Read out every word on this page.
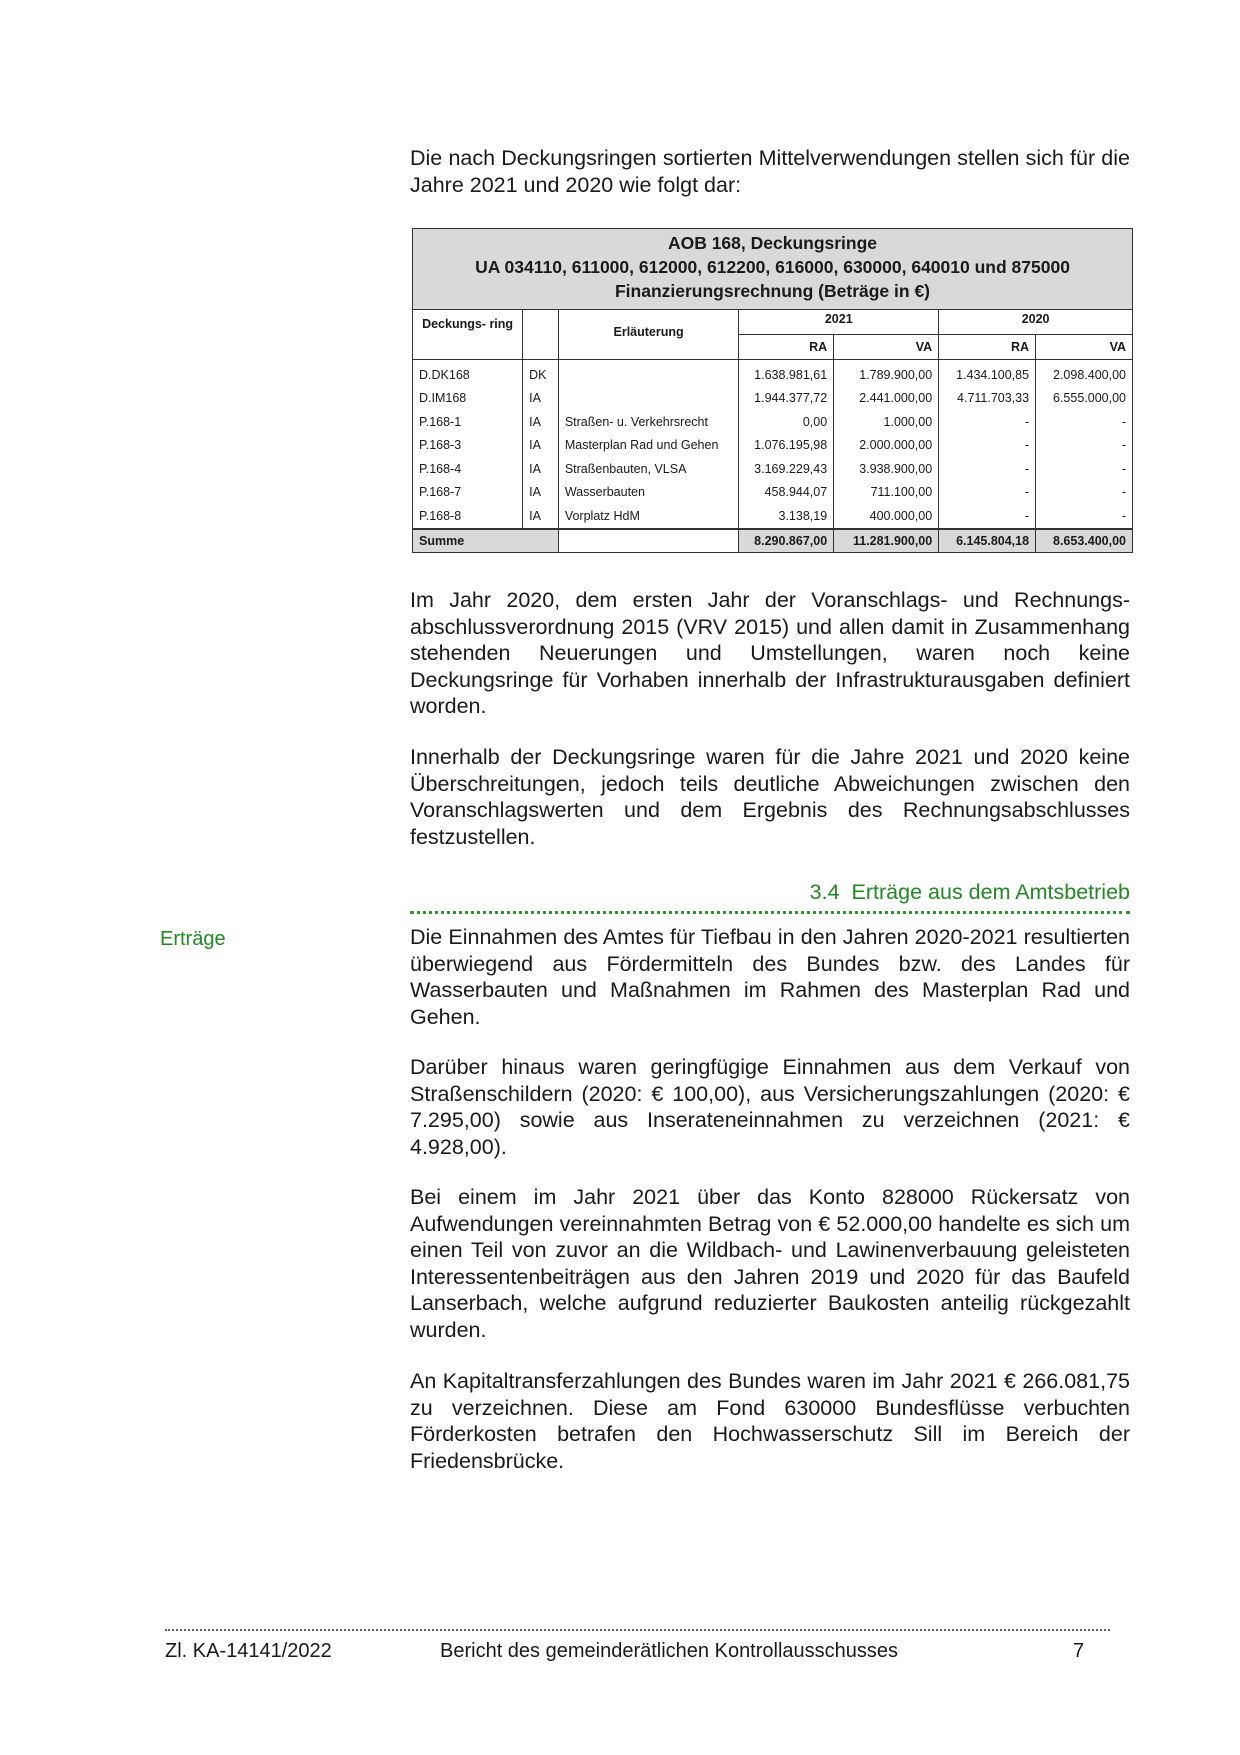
Die nach Deckungsringen sortierten Mittelverwendungen stellen sich für die Jahre 2021 und 2020 wie folgt dar:

AOB 168, Deckungsringe
UA 034110, 611000, 612000, 612200, 616000, 630000, 640010 und 875000
Finanzierungsrechnung (Beträge in €)						

Deckungs- ring		Erläuterung	2021		2020	
			RA	VA	RA	VA
D.DK168	DK		1.638.981,61	1.789.900,00	1.434.100,85	2.098.400,00
D.IM168	IA		1.944.377,72	2.441.000,00	4.711.703,33	6.555.000,00
P.168-1	IA	Straßen- u. Verkehrsrecht	0,00	1.000,00	-	-
P.168-3	IA	Masterplan Rad und Gehen	1.076.195,98	2.000.000,00	-	-
P.168-4	IA	Straßenbauten, VLSA	3.169.229,43	3.938.900,00	-	-
P.168-7	IA	Wasserbauten	458.944,07	711.100,00	-	-
P.168-8	IA	Vorplatz HdM	3.138,19	400.000,00	-	-
Summe			8.290.867,00	11.281.900,00	6.145.804,18	8.653.400,00

Im Jahr 2020, dem ersten Jahr der Voranschlags- und Rechnungsabschlussverordnung 2015 (VRV 2015) und allen damit in Zusammenhang stehenden Neuerungen und Umstellungen, waren noch keine Deckungsringe für Vorhaben innerhalb der Infrastrukturausgaben definiert worden.

Innerhalb der Deckungsringe waren für die Jahre 2021 und 2020 keine Überschreitungen, jedoch teils deutliche Abweichungen zwischen den Voranschlagswerten und dem Ergebnis des Rechnungsabschlusses festzustellen.

3.4 Erträge aus dem Amtsbetrieb
Erträge	Die Einnahmen des Amtes für Tiefbau in den Jahren 2020-2021 resultierten überwiegend aus Fördermitteln des Bundes bzw. des Landes für Wasserbauten und Maßnahmen im Rahmen des Masterplan Rad und Gehen.

Darüber hinaus waren geringfügige Einnahmen aus dem Verkauf von Straßenschildern (2020: € 100,00), aus Versicherungszahlungen (2020: € 7.295,00) sowie aus Inserateneinnahmen zu verzeichnen (2021: € 4.928,00).

Bei einem im Jahr 2021 über das Konto 828000 Rückersatz von Aufwendungen vereinnahmten Betrag von € 52.000,00 handelte es sich um einen Teil von zuvor an die Wildbach- und Lawinenverbauung geleisteten Interessentenbeiträgen aus den Jahren 2019 und 2020 für das Baufeld Lanserbach, welche aufgrund reduzierter Baukosten anteilig rückgezahlt wurden.

An Kapitaltransferzahlungen des Bundes waren im Jahr 2021 € 266.081,75 zu verzeichnen. Diese am Fond 630000 Bundesflüsse verbuchten Förderkosten betrafen den Hochwasserschutz Sill im Bereich der Friedensbrücke.

Zl. KA-14141/2022	Bericht des gemeinderätlichen Kontrollausschusses	7
